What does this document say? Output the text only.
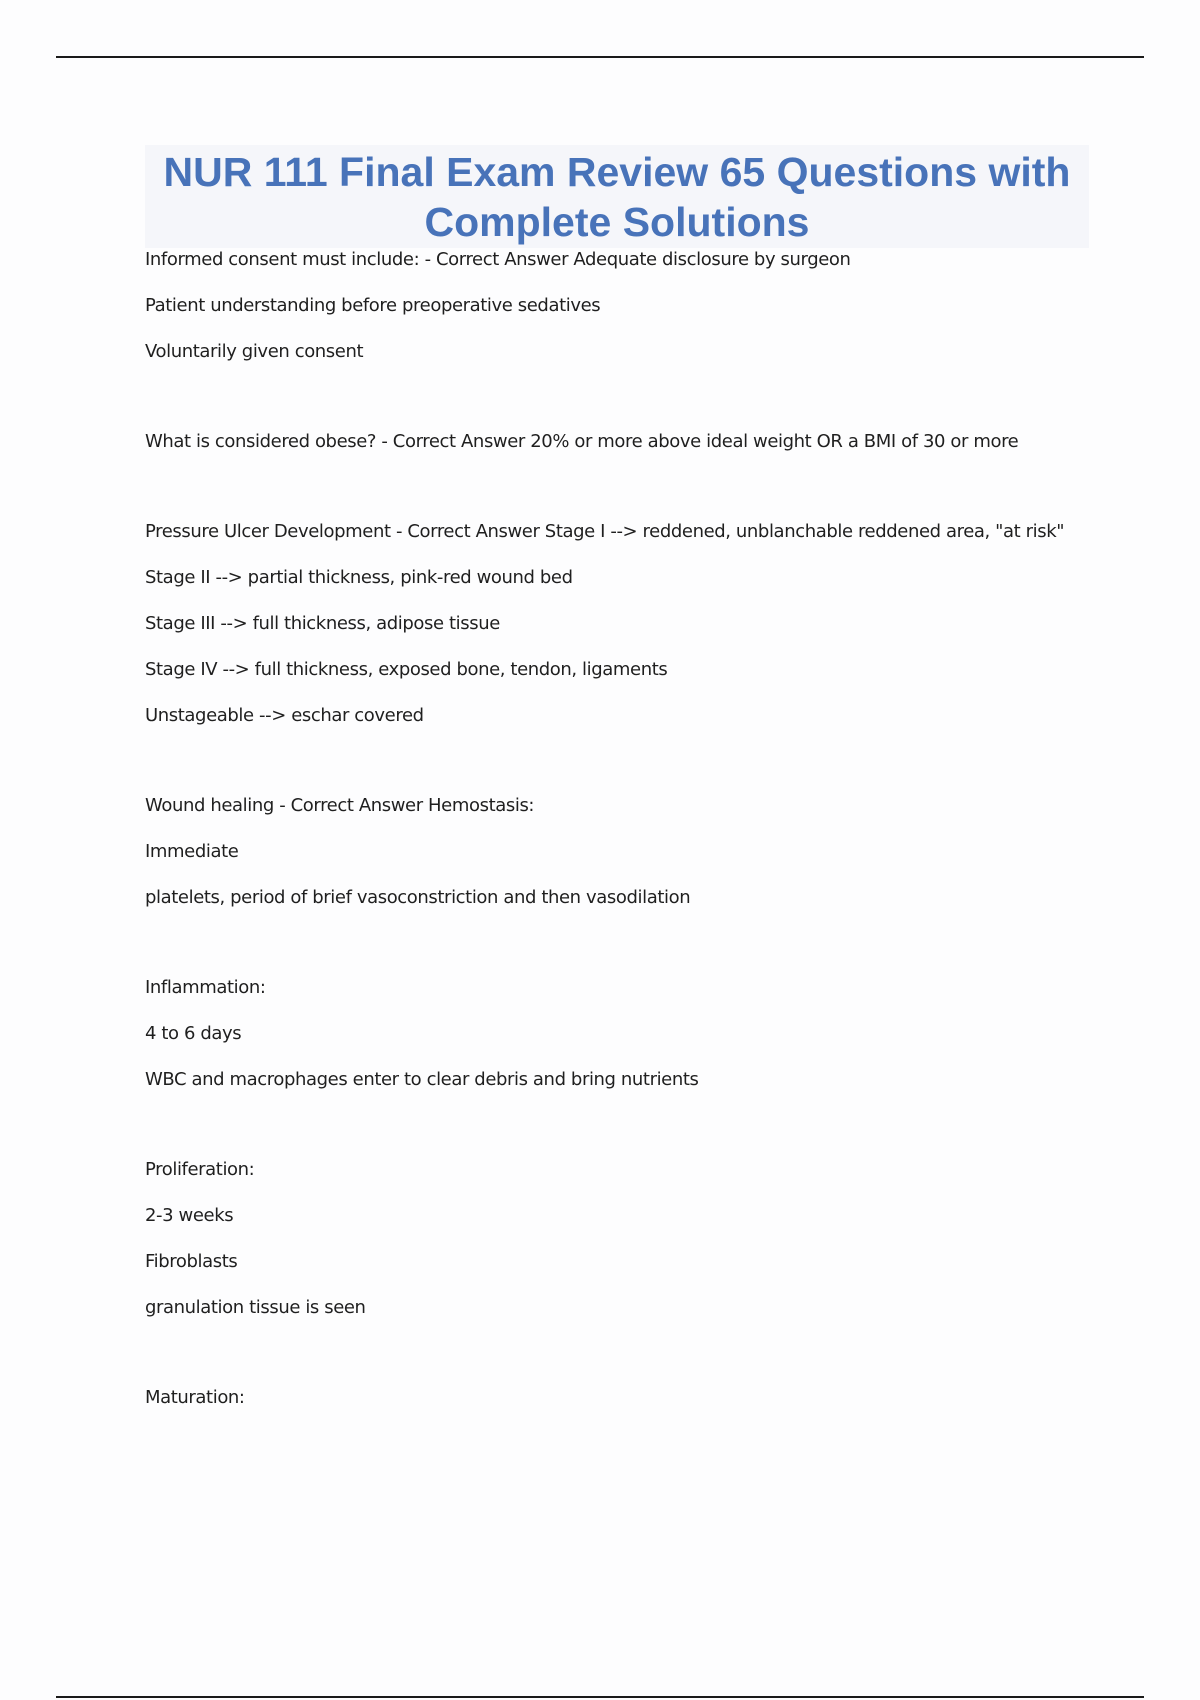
NUR 111 Final Exam Review 65 Questions with Complete Solutions

Informed consent must include: - Correct Answer Adequate disclosure by surgeon

Patient understanding before preoperative sedatives

Voluntarily given consent

What is considered obese? - Correct Answer 20% or more above ideal weight OR a BMI of 30 or more

Pressure Ulcer Development - Correct Answer Stage I --> reddened, unblanchable reddened area, "at risk"

Stage II --> partial thickness, pink-red wound bed

Stage III --> full thickness, adipose tissue

Stage IV --> full thickness, exposed bone, tendon, ligaments

Unstageable --> eschar covered

Wound healing - Correct Answer Hemostasis:

Immediate

platelets, period of brief vasoconstriction and then vasodilation

Inflammation:

4 to 6 days

WBC and macrophages enter to clear debris and bring nutrients

Proliferation:

2-3 weeks

Fibroblasts

granulation tissue is seen

Maturation:
